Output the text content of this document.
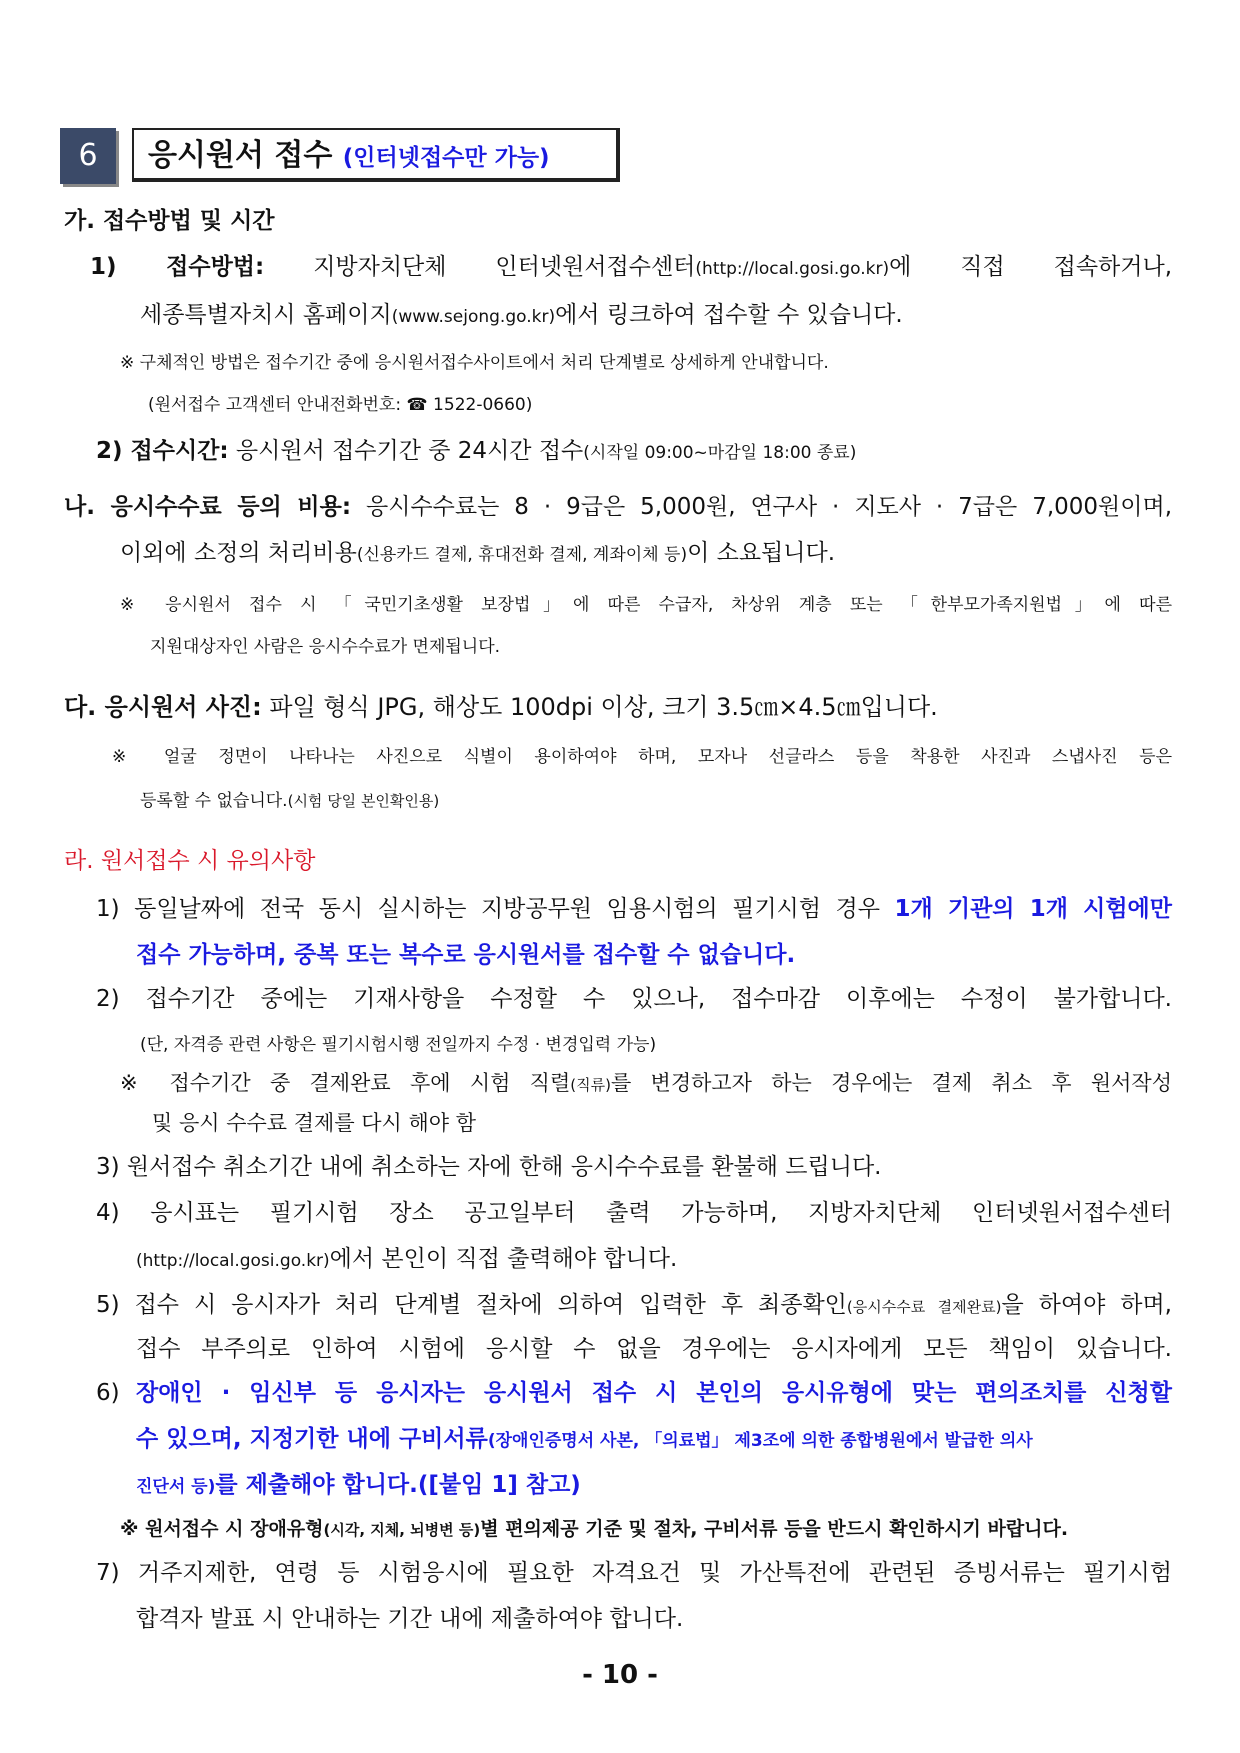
6	응시원서 접수 (인터넷접수만 가능)
가. 접수방법 및 시간
1) 접수방법: 지방자치단체 인터넷원서접수센터(http://local.gosi.go.kr)에 직접 접속하거나,
세종특별자치시 홈페이지(www.sejong.go.kr)에서 링크하여 접수할 수 있습니다.
※ 구체적인 방법은 접수기간 중에 응시원서접수사이트에서 처리 단계별로 상세하게 안내합니다.
(원서접수 고객센터 안내전화번호: ☎ 1522-0660)
2) 접수시간: 응시원서 접수기간 중 24시간 접수(시작일 09:00~마감일 18:00 종료)
나. 응시수수료 등의 비용: 응시수수료는 8 · 9급은 5,000원, 연구사 · 지도사 · 7급은 7,000원이며,
이외에 소정의 처리비용(신용카드 결제, 휴대전화 결제, 계좌이체 등)이 소요됩니다.
※ 응시원서 접수 시 「국민기초생활 보장법」에 따른 수급자, 차상위 계층 또는 「한부모가족지원법」에 따른
지원대상자인 사람은 응시수수료가 면제됩니다.
다. 응시원서 사진: 파일 형식 JPG, 해상도 100dpi 이상, 크기 3.5㎝×4.5㎝입니다.
※ 얼굴 정면이 나타나는 사진으로 식별이 용이하여야 하며, 모자나 선글라스 등을 착용한 사진과 스냅사진 등은
등록할 수 없습니다.(시험 당일 본인확인용)
라. 원서접수 시 유의사항
1) 동일날짜에 전국 동시 실시하는 지방공무원 임용시험의 필기시험 경우 1개 기관의 1개 시험에만
접수 가능하며, 중복 또는 복수로 응시원서를 접수할 수 없습니다.
2) 접수기간 중에는 기재사항을 수정할 수 있으나, 접수마감 이후에는 수정이 불가합니다.
(단, 자격증 관련 사항은 필기시험시행 전일까지 수정 · 변경입력 가능)
※ 접수기간 중 결제완료 후에 시험 직렬(직류)를 변경하고자 하는 경우에는 결제 취소 후 원서작성
및 응시 수수료 결제를 다시 해야 함
3) 원서접수 취소기간 내에 취소하는 자에 한해 응시수수료를 환불해 드립니다.
4) 응시표는 필기시험 장소 공고일부터 출력 가능하며, 지방자치단체 인터넷원서접수센터
(http://local.gosi.go.kr)에서 본인이 직접 출력해야 합니다.
5) 접수 시 응시자가 처리 단계별 절차에 의하여 입력한 후 최종확인(응시수수료 결제완료)을 하여야 하며,
접수 부주의로 인하여 시험에 응시할 수 없을 경우에는 응시자에게 모든 책임이 있습니다.
6) 장애인 · 임신부 등 응시자는 응시원서 접수 시 본인의 응시유형에 맞는 편의조치를 신청할
수 있으며, 지정기한 내에 구비서류(장애인증명서 사본, 「의료법」 제3조에 의한 종합병원에서 발급한 의사
진단서 등)를 제출해야 합니다.([붙임 1] 참고)
※ 원서접수 시 장애유형(시각, 지체, 뇌병변 등)별 편의제공 기준 및 절차, 구비서류 등을 반드시 확인하시기 바랍니다.
7) 거주지제한, 연령 등 시험응시에 필요한 자격요건 및 가산특전에 관련된 증빙서류는 필기시험
합격자 발표 시 안내하는 기간 내에 제출하여야 합니다.
- 10 -
